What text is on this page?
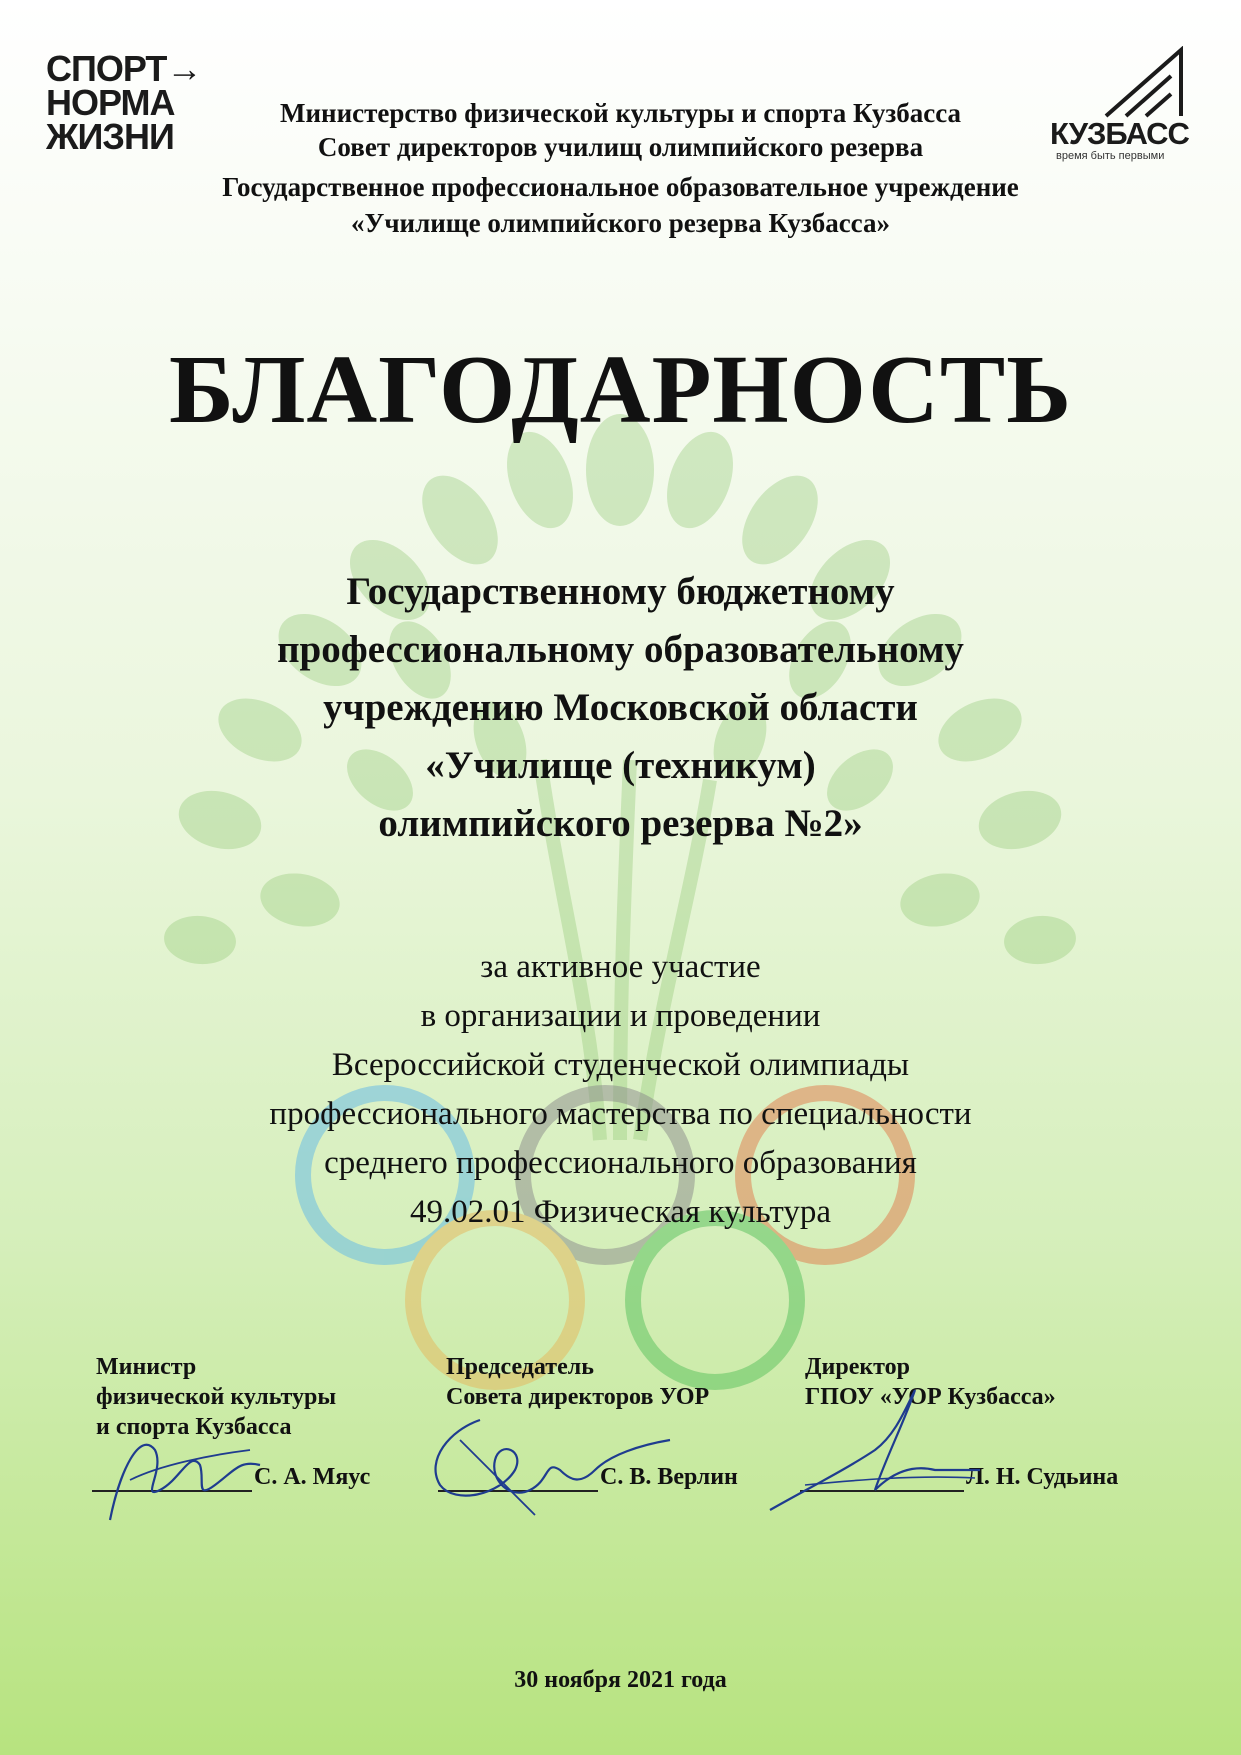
СПОРТ→
НОРМА
ЖИЗНИ	КУЗБАСС
время быть первыми
Министерство физической культуры и спорта Кузбасса
Совет директоров училищ олимпийского резерва
Государственное профессиональное образовательное учреждение
«Училище олимпийского резерва Кузбасса»
БЛАГОДАРНОСТЬ
Государственному бюджетному
профессиональному образовательному
учреждению Московской области
«Училище (техникум)
олимпийского резерва №2»
за активное участие
в организации и проведении
Всероссийской студенческой олимпиады
профессионального мастерства по специальности
среднего профессионального образования
49.02.01 Физическая культура
Министр
физической культуры
и спорта Кузбасса
С. А. Мяус
Председатель
Совета директоров УОР
С. В. Верлин
Директор
ГПОУ «УОР Кузбасса»
Л. Н. Судьина
30 ноября 2021 года
